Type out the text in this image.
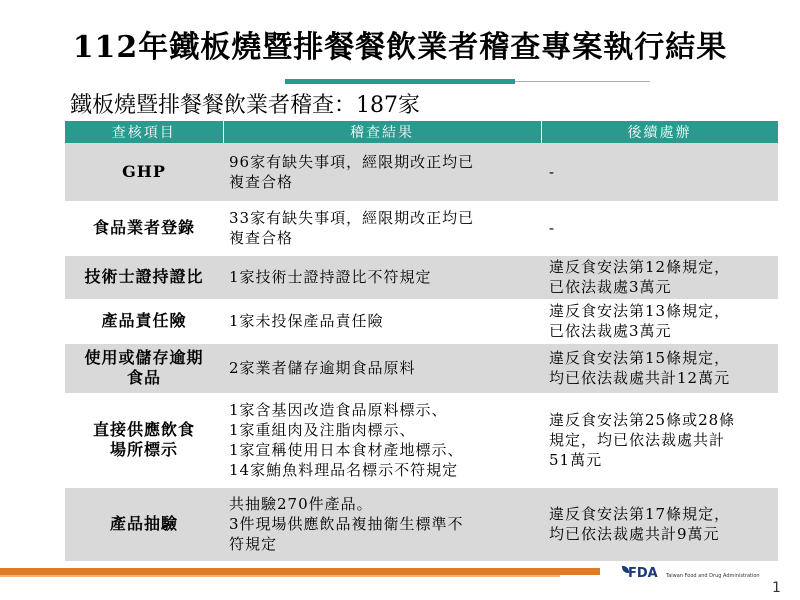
112年鐵板燒暨排餐餐飲業者稽查專案執行結果
鐵板燒暨排餐餐飲業者稽查：187家
查核項目	稽查結果	後續處辦
GHP	96家有缺失事項，經限期改正均已
複查合格	-

食品業者登錄	33家有缺失事項，經限期改正均已
複查合格	-

技術士證持證比	1家技術士證持證比不符規定	違反食安法第12條規定，
已依法裁處3萬元

產品責任險	1家未投保產品責任險	違反食安法第13條規定，
已依法裁處3萬元

使用或儲存逾期
食品	2家業者儲存逾期食品原料	違反食安法第15條規定，
均已依法裁處共計12萬元

直接供應飲食
場所標示	1家含基因改造食品原料標示、
1家重組肉及注脂肉標示、
1家宣稱使用日本食材產地標示、
14家鮪魚料理品名標示不符規定	違反食安法第25條或28條
規定，均已依法裁處共計
51萬元

產品抽驗	共抽驗270件產品。
3件現場供應飲品複抽衛生標準不
符規定	違反食安法第17條規定，
均已依法裁處共計9萬元
FDA Taiwan Food and Drug Administration
1
